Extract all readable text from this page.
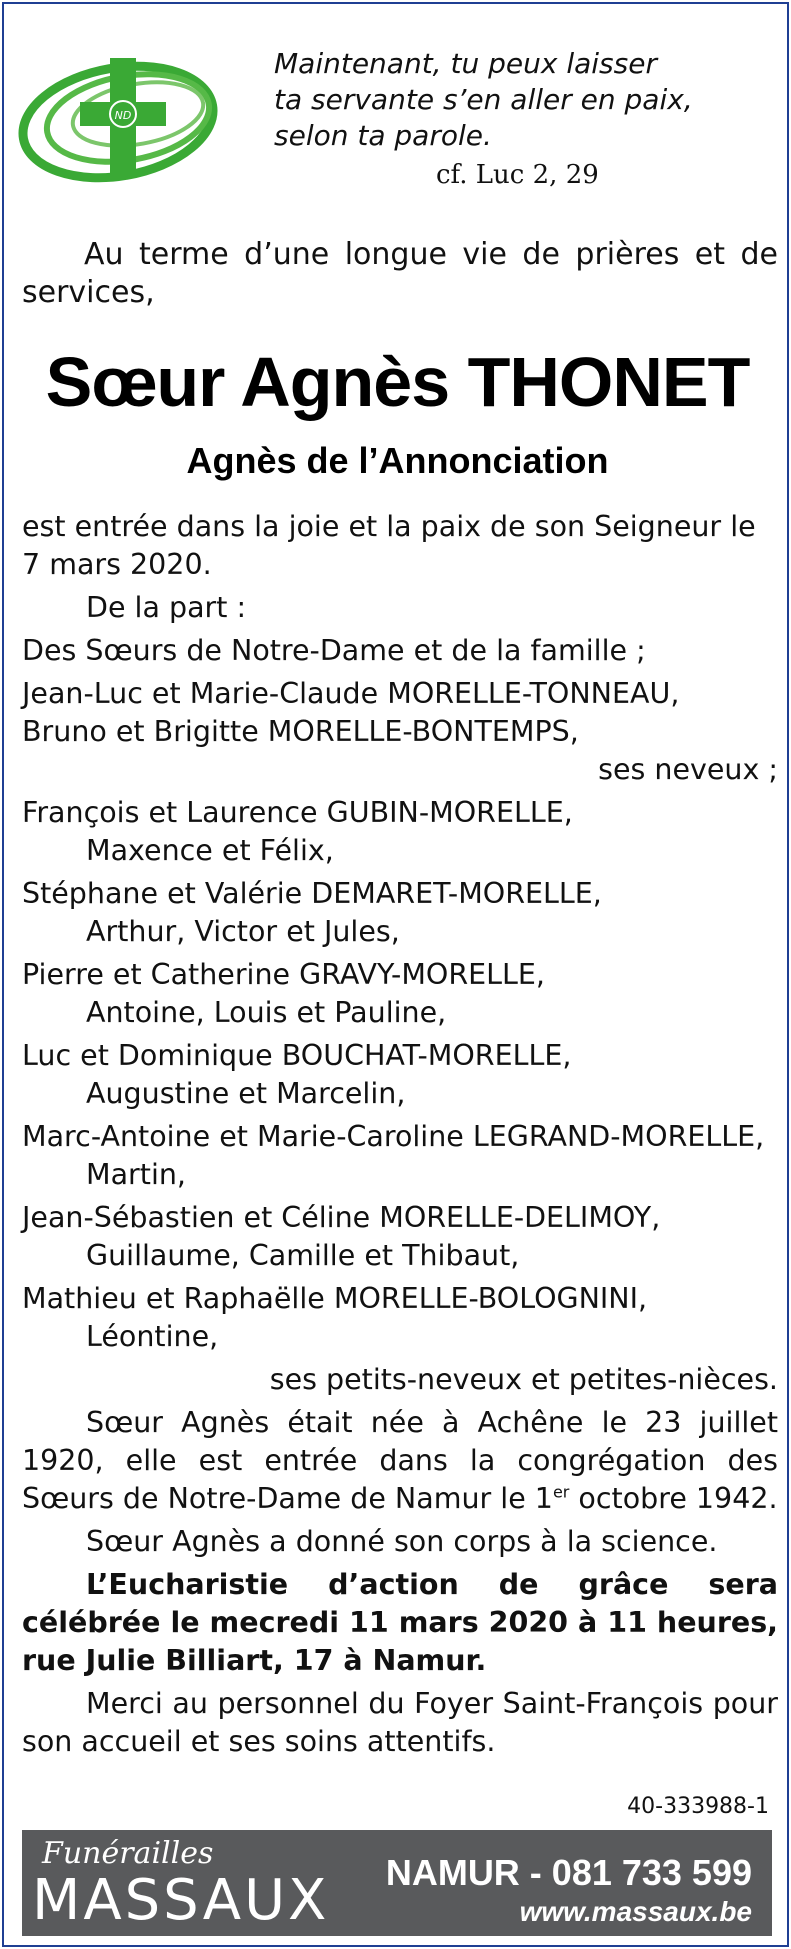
ND
Maintenant, tu peux laisser
ta servante s’en aller en paix,
selon ta parole.
cf. Luc 2, 29
Au terme d’une longue vie de prières et de services,
Sœur Agnès THONET
Agnès de l’Annonciation

est entrée dans la joie et la paix de son Seigneur le 7 mars 2020.

De la part :

Des Sœurs de Notre-Dame et de la famille ;

Jean-Luc et Marie-Claude MORELLE-TONNEAU,

Bruno et Brigitte MORELLE-BONTEMPS,

ses neveux ;

François et Laurence GUBIN-MORELLE,

Maxence et Félix,

Stéphane et Valérie DEMARET-MORELLE,

Arthur, Victor et Jules,

Pierre et Catherine GRAVY-MORELLE,

Antoine, Louis et Pauline,

Luc et Dominique BOUCHAT-MORELLE,

Augustine et Marcelin,

Marc-Antoine et Marie-Caroline LEGRAND-MORELLE,

Martin,

Jean-Sébastien et Céline MORELLE-DELIMOY,

Guillaume, Camille et Thibaut,

Mathieu et Raphaëlle MORELLE-BOLOGNINI,

Léontine,

ses petits-neveux et petites-nièces.

Sœur Agnès était née à Achêne le 23 juillet 1920, elle est entrée dans la congrégation des Sœurs de Notre-Dame de Namur le 1er octobre 1942.

Sœur Agnès a donné son corps à la science.

L’Eucharistie d’action de grâce sera célébrée le mecredi 11 mars 2020 à 11 heures, rue Julie Billiart, 17 à Namur.

Merci au personnel du Foyer Saint-François pour son accueil et ses soins attentifs.

40-333988-1
Funérailles
MASSAUX NAMUR - 081 733 599
www.massaux.be
